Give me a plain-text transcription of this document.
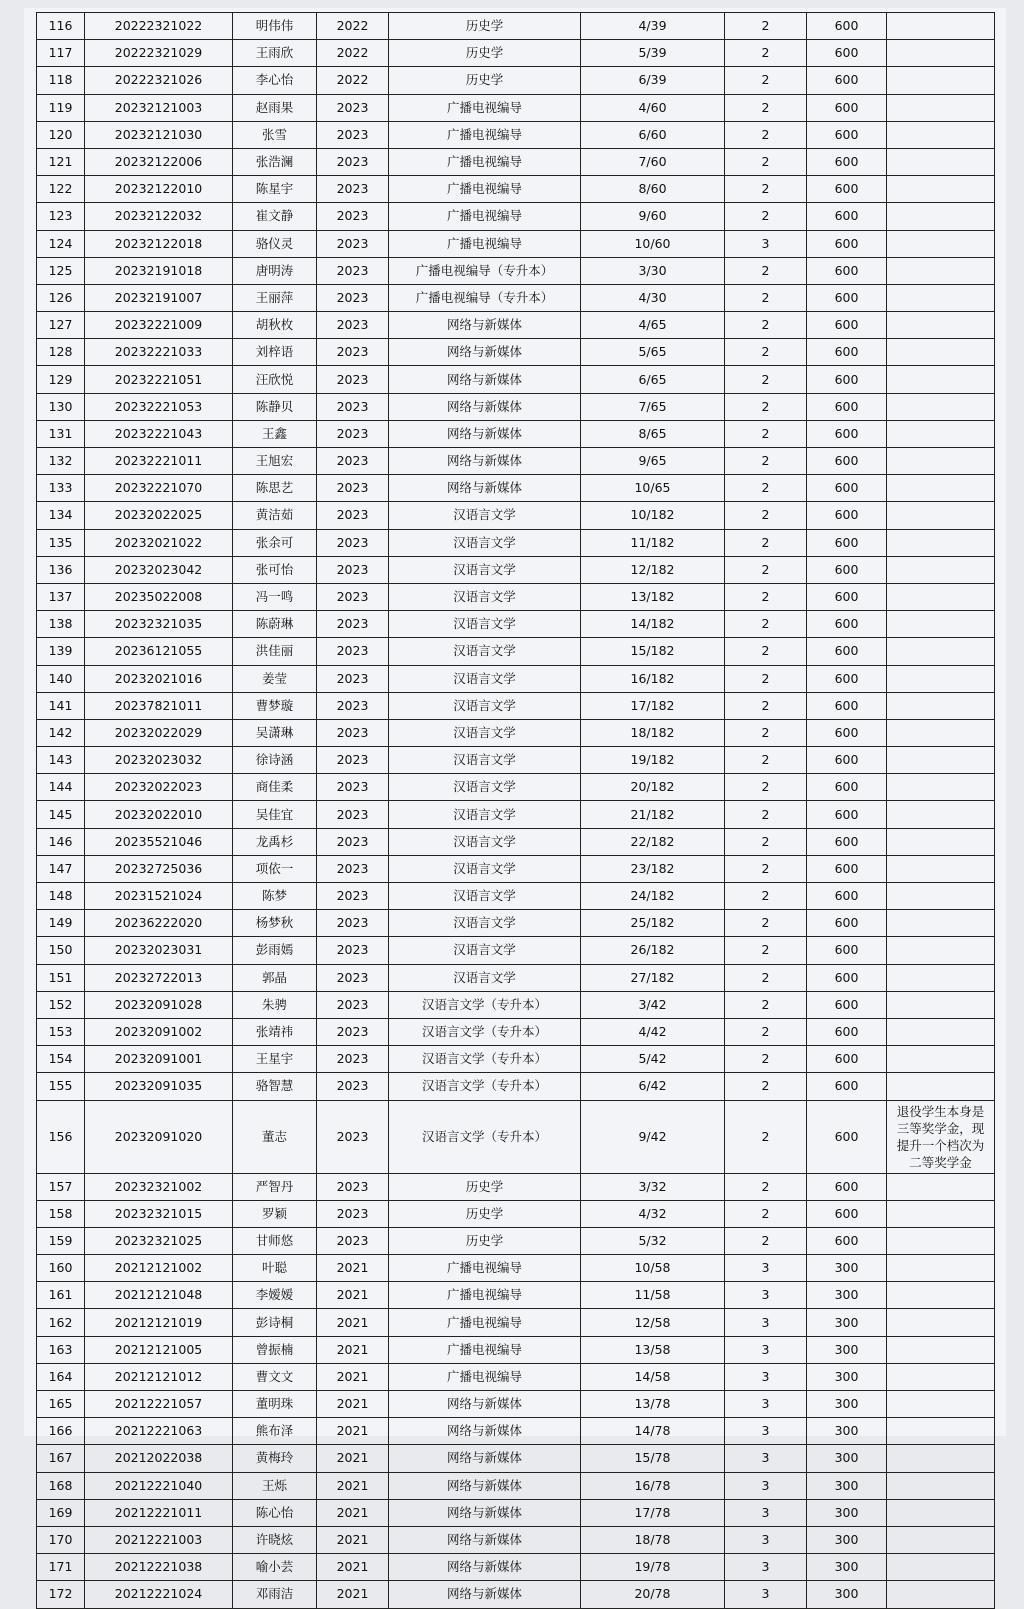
116	20222321022	明伟伟	2022	历史学	4/39	2	600	
117	20222321029	王雨欣	2022	历史学	5/39	2	600	
118	20222321026	李心怡	2022	历史学	6/39	2	600	
119	20232121003	赵雨果	2023	广播电视编导	4/60	2	600	
120	20232121030	张雪	2023	广播电视编导	6/60	2	600	
121	20232122006	张浩澜	2023	广播电视编导	7/60	2	600	
122	20232122010	陈星宇	2023	广播电视编导	8/60	2	600	
123	20232122032	崔文静	2023	广播电视编导	9/60	2	600	
124	20232122018	骆仪灵	2023	广播电视编导	10/60	3	600	
125	20232191018	唐明涛	2023	广播电视编导（专升本）	3/30	2	600	
126	20232191007	王丽萍	2023	广播电视编导（专升本）	4/30	2	600	
127	20232221009	胡秋枚	2023	网络与新媒体	4/65	2	600	
128	20232221033	刘梓语	2023	网络与新媒体	5/65	2	600	
129	20232221051	汪欣悦	2023	网络与新媒体	6/65	2	600	
130	20232221053	陈静贝	2023	网络与新媒体	7/65	2	600	
131	20232221043	王鑫	2023	网络与新媒体	8/65	2	600	
132	20232221011	王旭宏	2023	网络与新媒体	9/65	2	600	
133	20232221070	陈思艺	2023	网络与新媒体	10/65	2	600	
134	20232022025	黄洁茹	2023	汉语言文学	10/182	2	600	
135	20232021022	张余可	2023	汉语言文学	11/182	2	600	
136	20232023042	张可怡	2023	汉语言文学	12/182	2	600	
137	20235022008	冯一鸣	2023	汉语言文学	13/182	2	600	
138	20232321035	陈蔚琳	2023	汉语言文学	14/182	2	600	
139	20236121055	洪佳丽	2023	汉语言文学	15/182	2	600	
140	20232021016	姜莹	2023	汉语言文学	16/182	2	600	
141	20237821011	曹梦璇	2023	汉语言文学	17/182	2	600	
142	20232022029	吴潇琳	2023	汉语言文学	18/182	2	600	
143	20232023032	徐诗涵	2023	汉语言文学	19/182	2	600	
144	20232022023	商佳柔	2023	汉语言文学	20/182	2	600	
145	20232022010	吴佳宜	2023	汉语言文学	21/182	2	600	
146	20235521046	龙禹杉	2023	汉语言文学	22/182	2	600	
147	20232725036	项依一	2023	汉语言文学	23/182	2	600	
148	20231521024	陈梦	2023	汉语言文学	24/182	2	600	
149	20236222020	杨梦秋	2023	汉语言文学	25/182	2	600	
150	20232023031	彭雨嫣	2023	汉语言文学	26/182	2	600	
151	20232722013	郭晶	2023	汉语言文学	27/182	2	600	
152	20232091028	朱骋	2023	汉语言文学（专升本）	3/42	2	600	
153	20232091002	张靖祎	2023	汉语言文学（专升本）	4/42	2	600	
154	20232091001	王星宇	2023	汉语言文学（专升本）	5/42	2	600	
155	20232091035	骆智慧	2023	汉语言文学（专升本）	6/42	2	600	
156	20232091020	董志	2023	汉语言文学（专升本）	9/42	2	600	退役学生本身是三等奖学金，现提升一个档次为二等奖学金
157	20232321002	严智丹	2023	历史学	3/32	2	600	
158	20232321015	罗颖	2023	历史学	4/32	2	600	
159	20232321025	甘师悠	2023	历史学	5/32	2	600	
160	20212121002	叶聪	2021	广播电视编导	10/58	3	300	
161	20212121048	李嫒嫒	2021	广播电视编导	11/58	3	300	
162	20212121019	彭诗桐	2021	广播电视编导	12/58	3	300	
163	20212121005	曾振楠	2021	广播电视编导	13/58	3	300	
164	20212121012	曹文文	2021	广播电视编导	14/58	3	300	
165	20212221057	董明珠	2021	网络与新媒体	13/78	3	300	
166	20212221063	熊布泽	2021	网络与新媒体	14/78	3	300	
167	20212022038	黄梅玲	2021	网络与新媒体	15/78	3	300	
168	20212221040	王烁	2021	网络与新媒体	16/78	3	300	
169	20212221011	陈心怡	2021	网络与新媒体	17/78	3	300	
170	20212221003	许晓炫	2021	网络与新媒体	18/78	3	300	
171	20212221038	喻小芸	2021	网络与新媒体	19/78	3	300	
172	20212221024	邓雨洁	2021	网络与新媒体	20/78	3	300	
